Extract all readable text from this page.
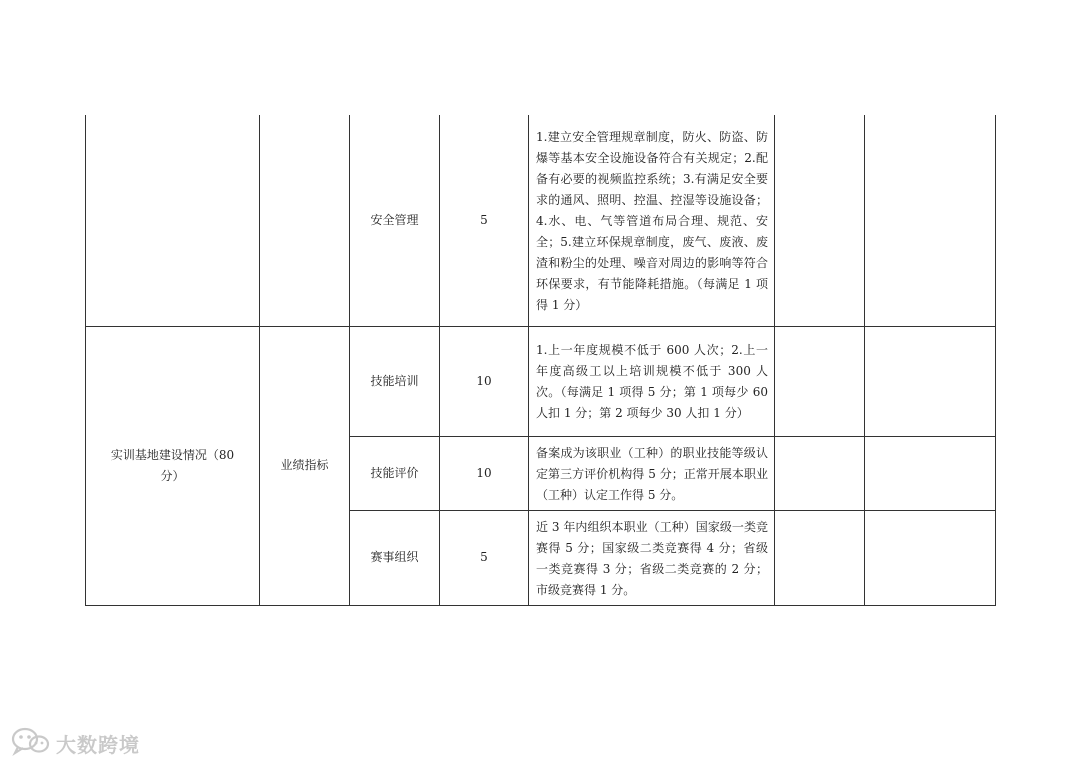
		安全管理	5	1.建立安全管理规章制度，防火、防盗、防爆等基本安全设施设备符合有关规定；2.配备有必要的视频监控系统；3.有满足安全要求的通风、照明、控温、控湿等设施设备；4.水、电、气等管道布局合理、规范、安全；5.建立环保规章制度，废气、废液、废渣和粉尘的处理、噪音对周边的影响等符合环保要求，有节能降耗措施。（每满足 1 项得 1 分）		
实训基地建设情况（80 分）	业绩指标	技能培训	10	1.上一年度规模不低于 600 人次；2.上一年度高级工以上培训规模不低于 300 人次。（每满足 1 项得 5 分；第 1 项每少 60 人扣 1 分；第 2 项每少 30 人扣 1 分）		
		技能评价	10	备案成为该职业（工种）的职业技能等级认定第三方评价机构得 5 分；正常开展本职业（工种）认定工作得 5 分。		
		赛事组织	5	近 3 年内组织本职业（工种）国家级一类竞赛得 5 分；国家级二类竞赛得 4 分；省级一类竞赛得 3 分；省级二类竞赛的 2 分；市级竞赛得 1 分。		
大数跨境
